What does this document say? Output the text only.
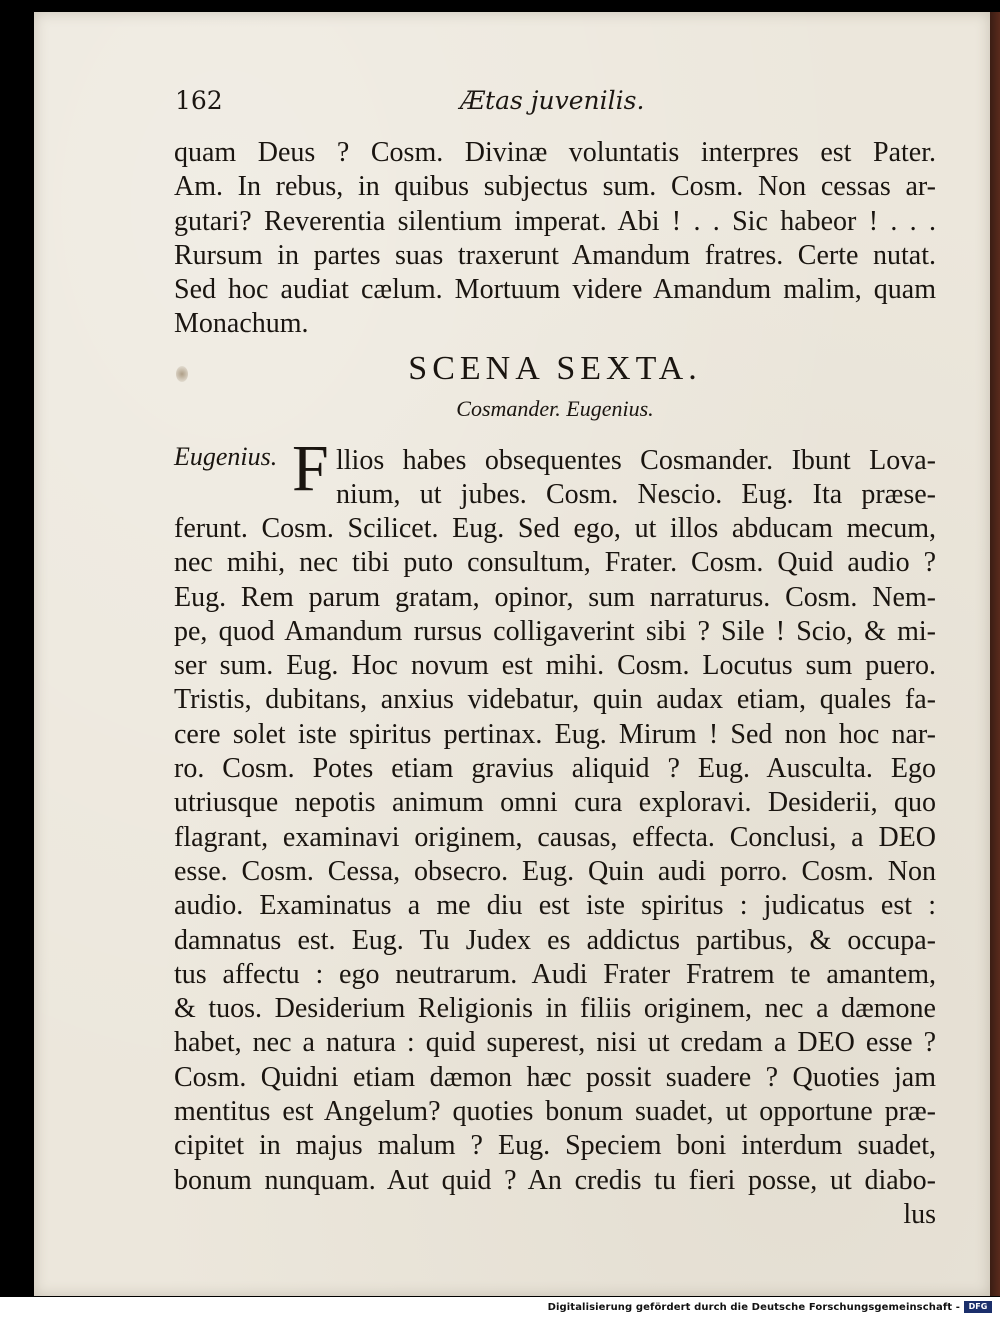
162	Ætas juvenilis.
quam Deus ? Cosm. Divinæ voluntatis interpres est Pater.
Am. In rebus, in quibus subjectus sum. Cosm. Non cessas ar-
gutari? Reverentia silentium imperat. Abi ! . . Sic habeor ! . . .
Rursum in partes suas traxerunt Amandum fratres. Certe nutat.
Sed hoc audiat cælum. Mortuum videre Amandum malim, quam
Monachum.
SCENA SEXTA.
Cosmander. Eugenius.
Eugenius. F llios habes obsequentes Cosmander. Ibunt Lova-
nium, ut jubes. Cosm. Nescio. Eug. Ita præse-
ferunt. Cosm. Scilicet. Eug. Sed ego, ut illos abducam mecum,
nec mihi, nec tibi puto consultum, Frater. Cosm. Quid audio ?
Eug. Rem parum gratam, opinor, sum narraturus. Cosm. Nem-
pe, quod Amandum rursus colligaverint sibi ? Sile ! Scio, & mi-
ser sum. Eug. Hoc novum est mihi. Cosm. Locutus sum puero.
Tristis, dubitans, anxius videbatur, quin audax etiam, quales fa-
cere solet iste spiritus pertinax. Eug. Mirum ! Sed non hoc nar-
ro. Cosm. Potes etiam gravius aliquid ? Eug. Ausculta. Ego
utriusque nepotis animum omni cura exploravi. Desiderii, quo
flagrant, examinavi originem, causas, effecta. Conclusi, a DEO
esse. Cosm. Cessa, obsecro. Eug. Quin audi porro. Cosm. Non
audio. Examinatus a me diu est iste spiritus : judicatus est :
damnatus est. Eug. Tu Judex es addictus partibus, & occupa-
tus affectu : ego neutrarum. Audi Frater Fratrem te amantem,
& tuos. Desiderium Religionis in filiis originem, nec a dæmone
habet, nec a natura : quid superest, nisi ut credam a DEO esse ?
Cosm. Quidni etiam dæmon hæc possit suadere ? Quoties jam
mentitus est Angelum? quoties bonum suadet, ut opportune præ-
cipitet in majus malum ? Eug. Speciem boni interdum suadet,
bonum nunquam. Aut quid ? An credis tu fieri posse, ut diabo-
lus
Digitalisierung gefördert durch die Deutsche Forschungsgemeinschaft -	DFG
